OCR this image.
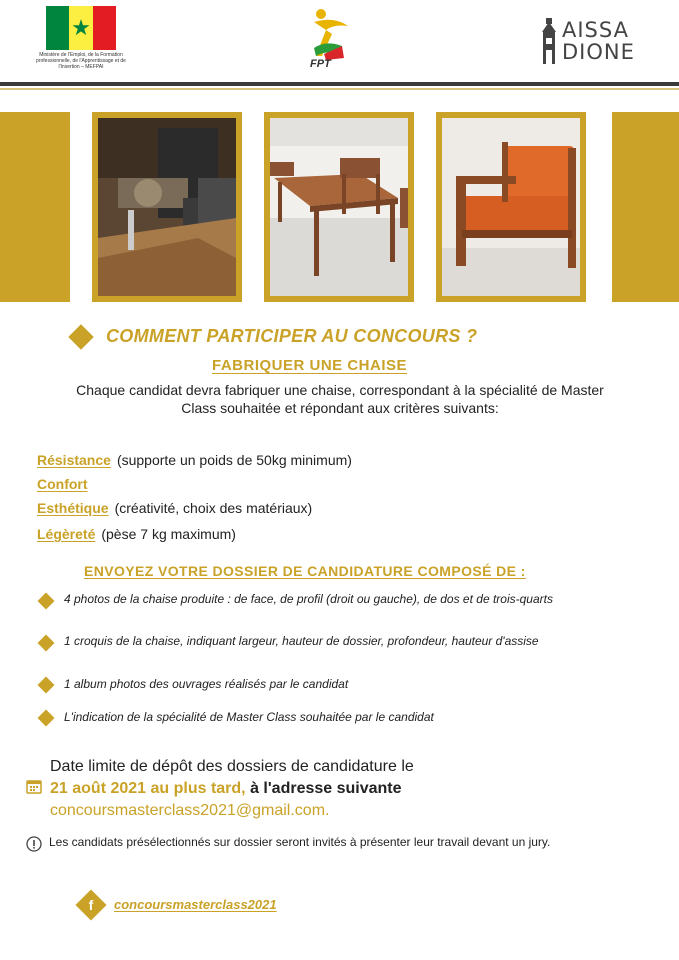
★
Ministère de l'Emploi, de la Formation professionnelle, de l'Apprentissage et de l'Insertion – MEFPAI	FPT
AISSA
DIONE
COMMENT PARTICIPER AU CONCOURS ?
FABRIQUER UNE CHAISE
Chaque candidat devra fabriquer une chaise, correspondant à la spécialité de Master Class souhaitée et répondant aux critères suivants:
Résistance (supporte un poids de 50kg minimum)
Confort
Esthétique (créativité, choix des matériaux)
Légèreté (pèse 7 kg maximum)
ENVOYEZ VOTRE DOSSIER DE CANDIDATURE COMPOSÉ DE :
4 photos de la chaise produite : de face, de profil (droit ou gauche), de dos et de trois-quarts
1 croquis de la chaise, indiquant largeur, hauteur de dossier, profondeur, hauteur d'assise
1 album photos des ouvrages réalisés par le candidat
L'indication de la spécialité de Master Class souhaitée par le candidat
Date limite de dépôt des dossiers de candidature le
21 août 2021 au plus tard, à l'adresse suivante
concoursmasterclass2021@gmail.com.
Les candidats présélectionnés sur dossier seront invités à présenter leur travail devant un jury.
f	concoursmasterclass2021
